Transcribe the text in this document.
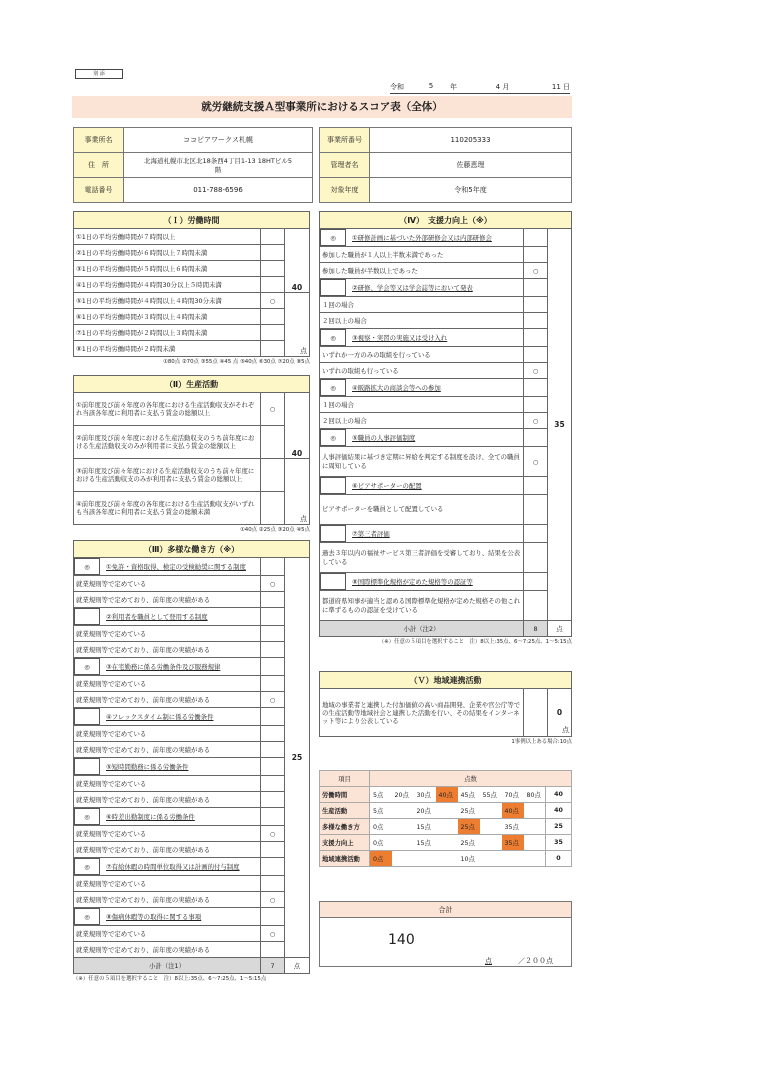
別 添
令和	5	年	4 月	11 日
就労継続支援Ａ型事業所におけるスコア表（全体）
事業所名	ココピアワークス札幌
住　所	北海道札幌市北区北18条西4丁目1-13 18HTビル5階
電話番号	011-788-6596
事業所番号	110205333
管理者名	佐藤恵理
対象年度	令和5年度
（Ｉ）労働時間		
①1日の平均労働時間が７時間以上		40
②1日の平均労働時間が６時間以上７時間未満		
③1日の平均労働時間が５時間以上６時間未満		
④1日の平均労働時間が４時間30分以上５時間未満		
⑤1日の平均労働時間が４時間以上４時間30分未満	○	点
⑥1日の平均労働時間が３時間以上４時間未満		
⑦1日の平均労働時間が２時間以上３時間未満		
⑧1日の平均労働時間が２時間未満		
①80点 ②70点 ③55点 ④45 点 ⑤40点 ⑥30点 ⑦20点 ⑧5点
（Ⅱ）生産活動		
①前年度及び前々年度の各年度における生産活動収支がそれぞれ当該各年度に利用者に支払う賃金の総額以上	○	40
②前年度及び前々年度における生産活動収支のうち前年度における生産活動収支のみが利用者に支払う賃金の総額以上		
③前年度及び前々年度における生産活動収支のうち前々年度における生産活動収支のみが利用者に支払う賃金の総額以上		点
④前年度及び前々年度の各年度における生産活動収支がいずれも当該各年度に利用者に支払う賃金の総額未満		
①40点 ②25点 ③20点 ④5点
（Ⅲ）多様な働き方（※）

◎	①免許・資格取得、検定の受検勧奨に関する制度
		25
就業規則等で定めている	○
就業規則等で定めており、前年度の実績がある	

	②利用者を職員として登用する制度

就業規則等で定めている	
就業規則等で定めており、前年度の実績がある	

◎	③在宅勤務に係る労働条件及び服務規律

就業規則等で定めている	
就業規則等で定めており、前年度の実績がある	○

	④フレックスタイム制に係る労働条件

就業規則等で定めている	
就業規則等で定めており、前年度の実績がある	

	⑤短時間勤務に係る労働条件

就業規則等で定めている	
就業規則等で定めており、前年度の実績がある	

◎	⑥時差出勤制度に係る労働条件

就業規則等で定めている	○
就業規則等で定めており、前年度の実績がある	

◎	⑦有給休暇の時間単位取得又は計画的付与制度

就業規則等で定めている	
就業規則等で定めており、前年度の実績がある	○

◎	⑧傷病休暇等の取得に関する事項

就業規則等で定めている	○
就業規則等で定めており、前年度の実績がある	
小計（注1）	7	点
（※）任意の５項目を選択すること　注）8以上:35点、6～7:25点、1～5:15点
（Ⅳ）　支援力向上（※）

◎	①研修計画に基づいた外部研修会又は内部研修会
		35
参加した職員が１人以上半数未満であった	
参加した職員が半数以上であった	○

	②研修、学会等又は学会誌等において発表

１回の場合	
２回以上の場合	

◎	③視察・実習の実施又は受け入れ

いずれか一方のみの取組を行っている	
いずれの取組も行っている	○

◎	④販路拡大の商談会等への参加

１回の場合	
２回以上の場合	○

◎	⑤職員の人事評価制度

人事評価結果に基づき定期に昇給を判定する制度を設け、全ての職員に周知している	○

	⑥ピアサポーターの配置

ピアサポーターを職員として配置している	

	⑦第三者評価

過去３年以内の福祉サービス第三者評価を受審しており、結果を公表している	

	⑧国際標準化規格が定めた規格等の認証等

都道府県知事が適当と認める国際標準化規格が定めた規格その他これに準ずるものの認証を受けている	
小計（注2）	8	点
（※）任意の５項目を選択すること　注）8以上:35点、6～7:25点、1～5:15点
（Ｖ）地域連携活動
地域の事業者と連携した付加価値の高い商品開発、企業や官公庁等での生産活動等地域社会と連携した活動を行い、その結果をインターネット等により公表している		
0
点
1事例以上ある場合:10点
項目	点数								
労働時間	5点	20点	30点	40点	45点	55点	70点	80点	40
生産活動	5点		20点		25点		40点		40
多様な働き方	0点		15点		25点		35点		25
支援力向上	0点		15点		25点		35点		35
地域連携活動	0点				10点				0
合計
140
点	／２００点
